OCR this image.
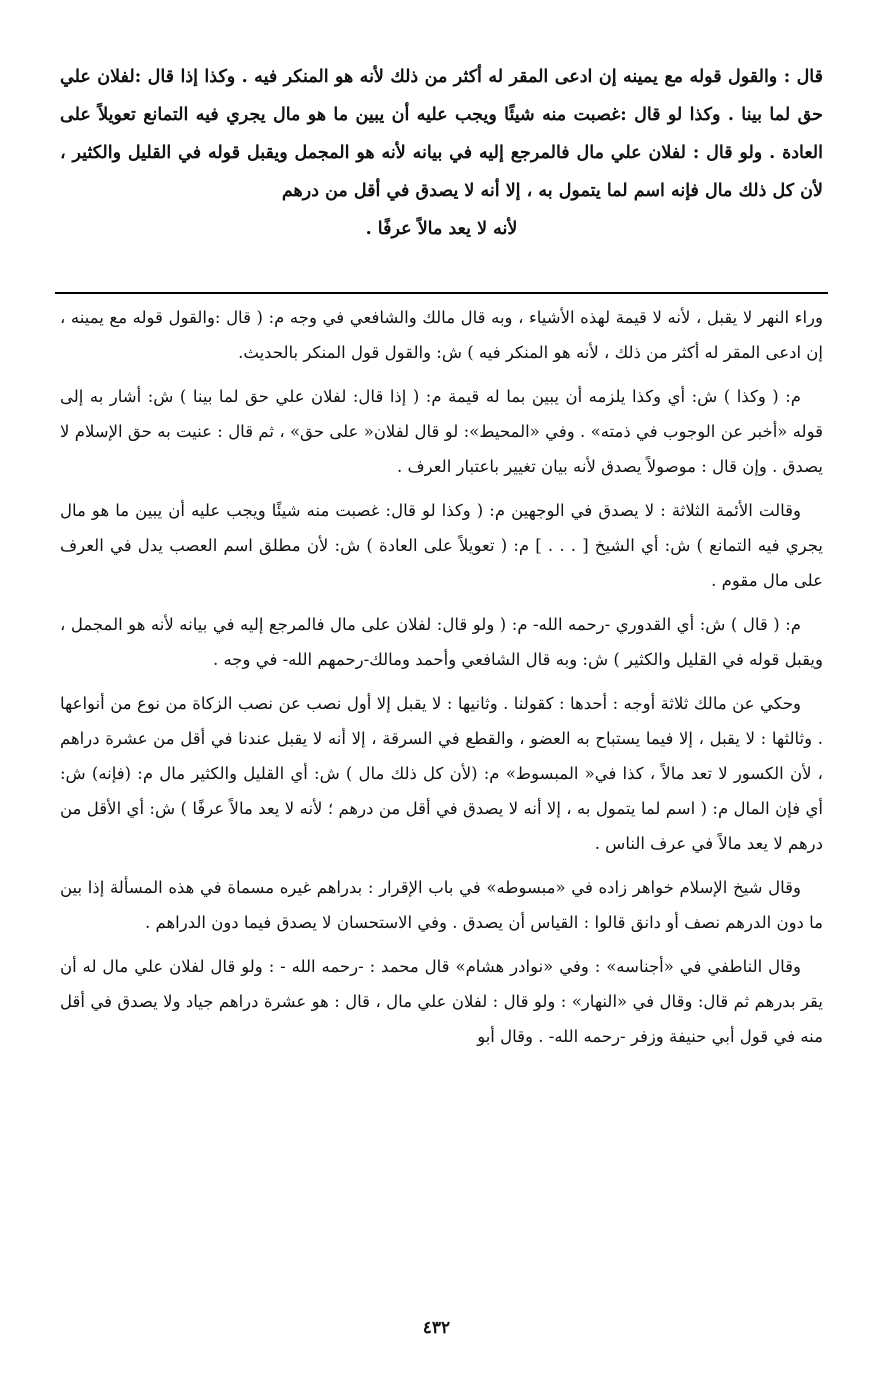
قال : والقول قوله مع يمينه إن ادعى المقر له أكثر من ذلك لأنه هو المنكر فيه . وكذا إذا قال :لفلان علي حق لما بينا . وكذا لو قال :غصبت منه شيئًا ويجب عليه أن يبين ما هو مال يجري فيه التمانع تعويلاً على العادة . ولو قال : لفلان علي مال فالمرجع إليه في بيانه لأنه هو المجمل ويقبل قوله في القليل والكثير ، لأن كل ذلك مال فإنه اسم لما يتمول به ، إلا أنه لا يصدق في أقل من درهم
لأنه لا يعد مالاً عرفًا .

وراء النهر لا يقبل ، لأنه لا قيمة لهذه الأشياء ، وبه قال مالك والشافعي في وجه م: ( قال :والقول قوله مع يمينه ، إن ادعى المقر له أكثر من ذلك ، لأنه هو المنكر فيه ) ش: والقول قول المنكر بالحديث.

م: ( وكذا ) ش: أي وكذا يلزمه أن يبين بما له قيمة م: ( إذا قال: لفلان علي حق لما بينا ) ش: أشار به إلى قوله «أخبر عن الوجوب في ذمته» . وفي «المحيط»: لو قال لفلان« على حق» ، ثم قال : عنيت به حق الإسلام لا يصدق . وإن قال : موصولاً يصدق لأنه بيان تغيير باعتبار العرف .

وقالت الأئمة الثلاثة : لا يصدق في الوجهين م: ( وكذا لو قال: غصبت منه شيئًا ويجب عليه أن يبين ما هو مال يجري فيه التمانع ) ش: أي الشيخ [ . . . ] م: ( تعويلاً على العادة ) ش: لأن مطلق اسم العصب يدل في العرف على مال مقوم .

م: ( قال ) ش: أي القدوري -رحمه الله- م: ( ولو قال: لفلان على مال فالمرجع إليه في بيانه لأنه هو المجمل ، ويقبل قوله في القليل والكثير ) ش: وبه قال الشافعي وأحمد ومالك-رحمهم الله- في وجه .

وحكي عن مالك ثلاثة أوجه : أحدها : كقولنا . وثانيها : لا يقبل إلا أول نصب عن نصب الزكاة من نوع من أنواعها . وثالثها : لا يقبل ، إلا فيما يستباح به العضو ، والقطع في السرقة ، إلا أنه لا يقبل عندنا في أقل من عشرة دراهم ، لأن الكسور لا تعد مالاً ، كذا في« المبسوط» م: (لأن كل ذلك مال ) ش: أي القليل والكثير مال م: (فإنه) ش: أي فإن المال م: ( اسم لما يتمول به ، إلا أنه لا يصدق في أقل من درهم ؛ لأنه لا يعد مالاً عرفًا ) ش: أي الأقل من درهم لا يعد مالاً في عرف الناس .

وقال شيخ الإسلام خواهر زاده في «مبسوطه» في باب الإقرار : بدراهم غيره مسماة في هذه المسألة إذا بين ما دون الدرهم نصف أو دانق قالوا : القياس أن يصدق . وفي الاستحسان لا يصدق فيما دون الدراهم .

وقال الناطفي في «أجناسه» : وفي «نوادر هشام» قال محمد : -رحمه الله - : ولو قال لفلان علي مال له أن يقر بدرهم ثم قال: وقال في «النهار» : ولو قال : لفلان علي مال ، قال : هو عشرة دراهم جياد ولا يصدق في أقل منه في قول أبي حنيفة وزفر -رحمه الله- . وقال أبو

٤٣٢
